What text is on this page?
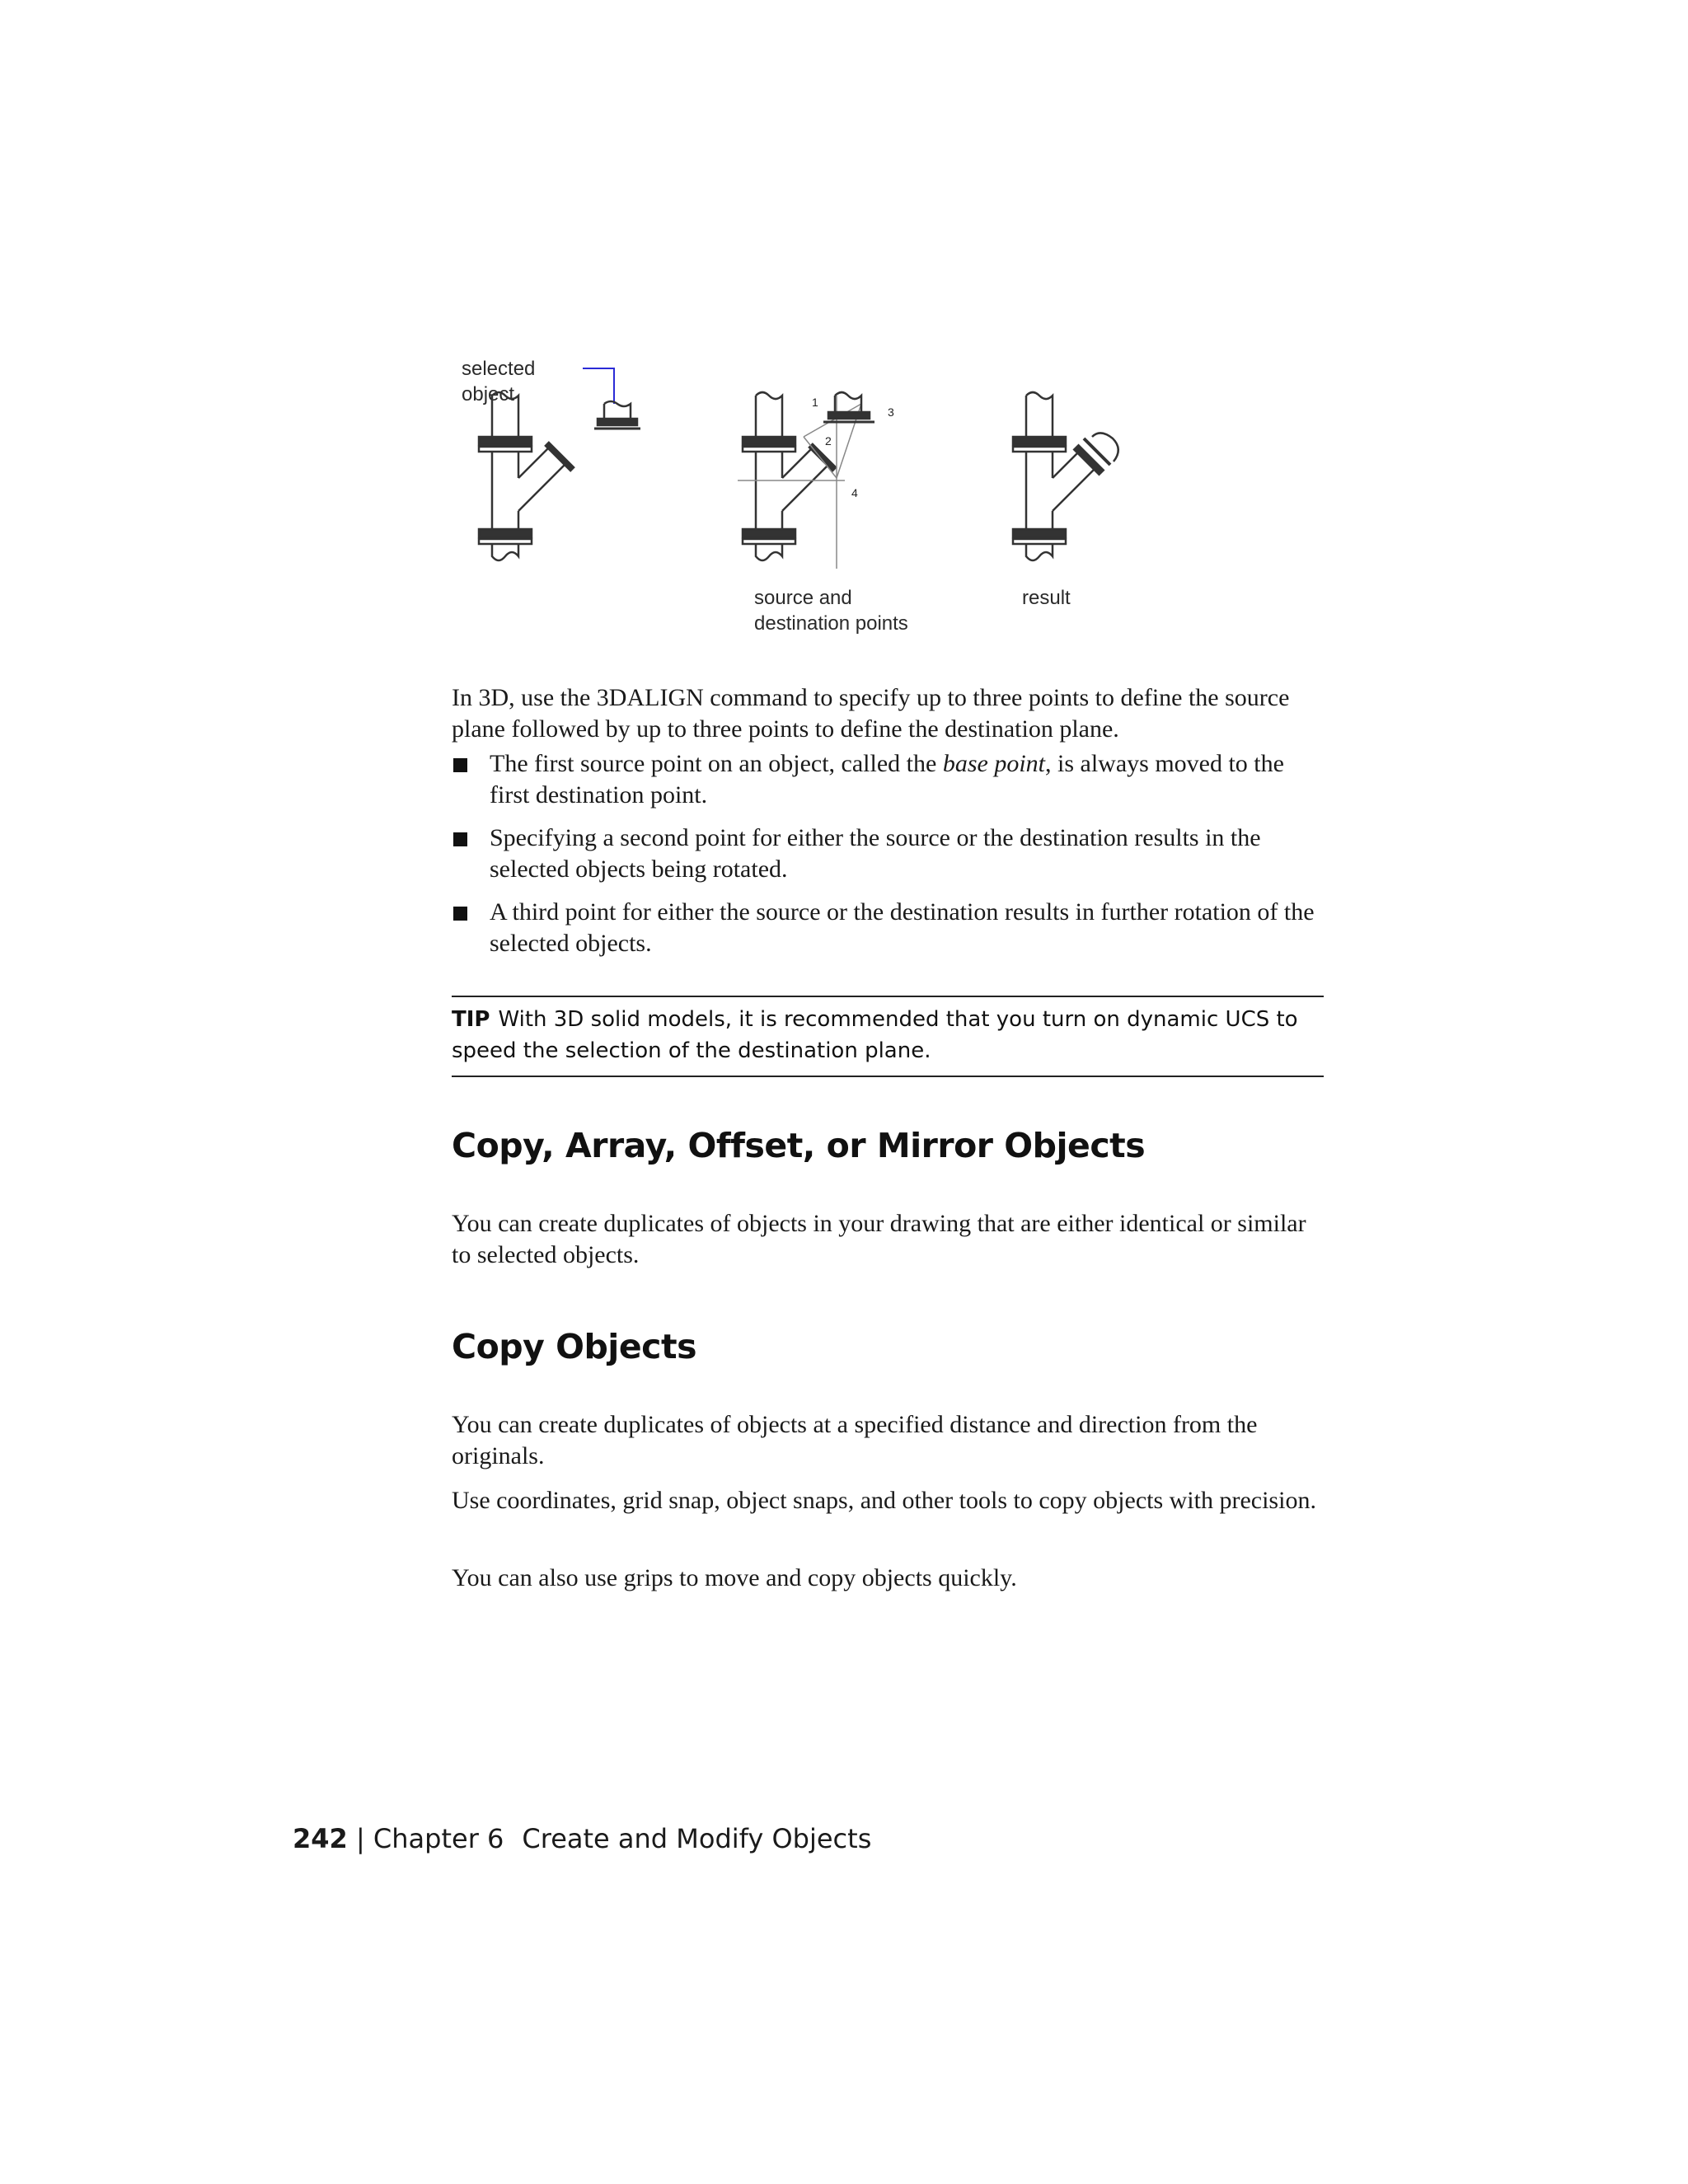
selected
object
source and
destination points
result
1
2
3
4

In 3D, use the 3DALIGN command to specify up to three points to define the source plane followed by up to three points to define the destination plane.

The first source point on an object, called the base point, is always moved to the first destination point.
Specifying a second point for either the source or the destination results in the selected objects being rotated.
A third point for either the source or the destination results in further rotation of the selected objects.
TIP With 3D solid models, it is recommended that you turn on dynamic UCS to speed the selection of the destination plane.
Copy, Array, Offset, or Mirror Objects

You can create duplicates of objects in your drawing that are either identical or similar to selected objects.

Copy Objects

You can create duplicates of objects at a specified distance and direction from the originals.

Use coordinates, grid snap, object snaps, and other tools to copy objects with precision.

You can also use grips to move and copy objects quickly.

242 | Chapter 6 Create and Modify Objects
